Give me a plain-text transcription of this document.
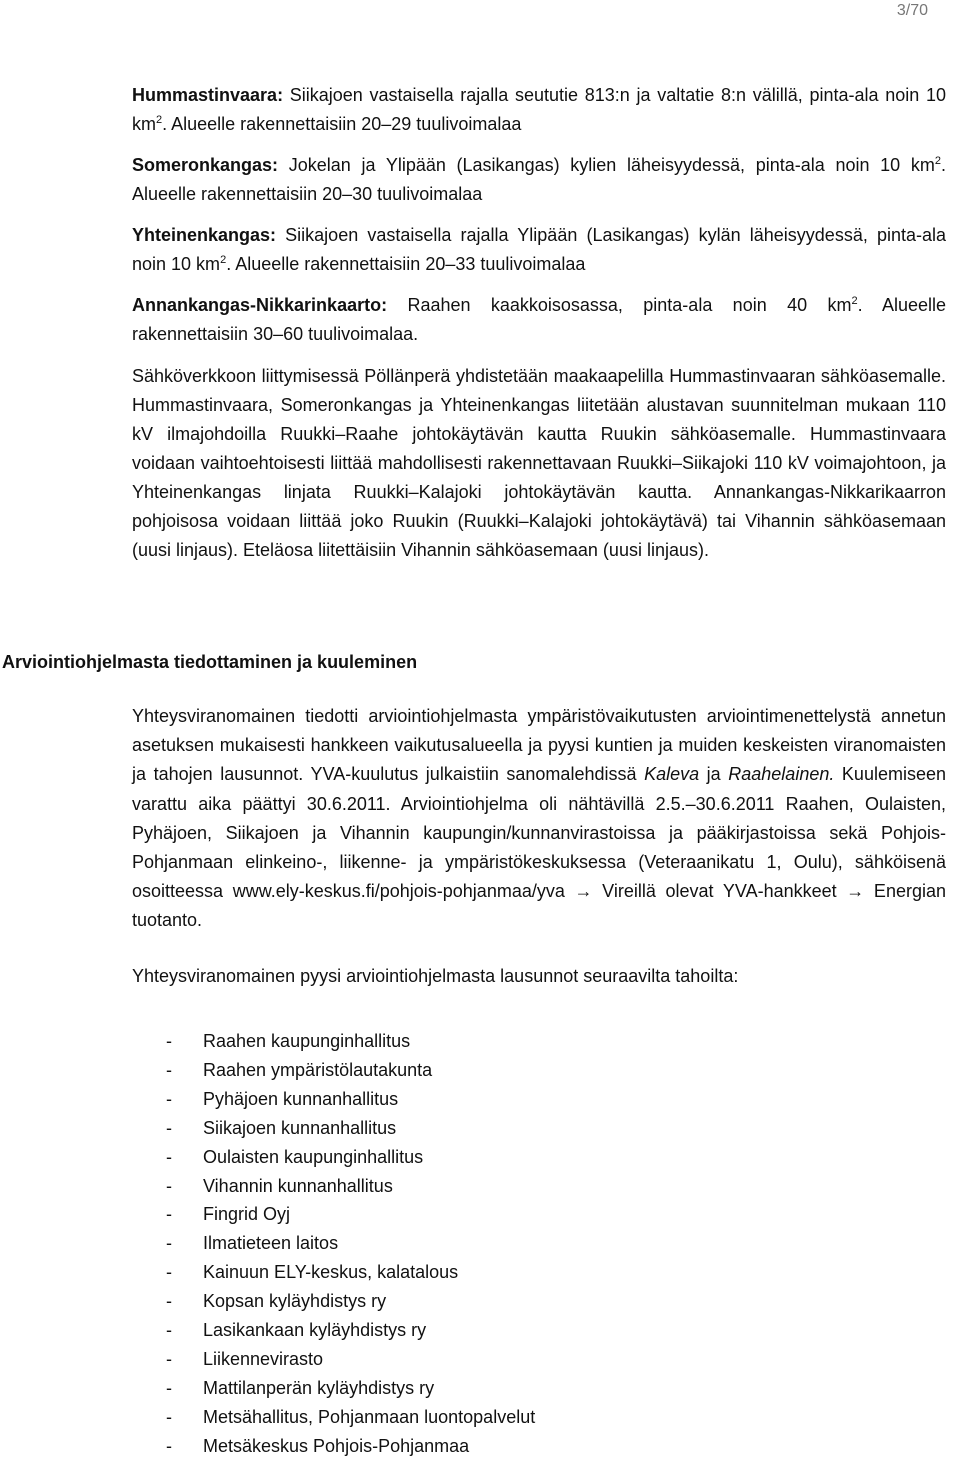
3/70

Hummastinvaara: Siikajoen vastaisella rajalla seututie 813:n ja valtatie 8:n välillä, pinta-ala noin 10 $km^2$. Alueelle rakennettaisiin 20–29 tuulivoimalaa

Someronkangas: Jokelan ja Ylipään (Lasikangas) kylien läheisyydessä, pinta-ala noin 10 $km^2$. Alueelle rakennettaisiin 20–30 tuulivoimalaa

Yhteinenkangas: Siikajoen vastaisella rajalla Ylipään (Lasikangas) kylän läheisyydessä, pinta-ala noin 10 $km^2$. Alueelle rakennettaisiin 20–33 tuulivoimalaa

Annankangas-Nikkarinkaarto: Raahen kaakkoisosassa, pinta-ala noin 40 $km^2$. Alueelle rakennettaisiin 30–60 tuulivoimalaa.

Sähköverkkoon liittymisessä Pöllänperä yhdistetään maakaapelilla Hummastinvaaran sähköasemalle. Hummastinvaara, Someronkangas ja Yhteinenkangas liitetään alustavan suunnitelman mukaan 110 kV ilmajohdoilla Ruukki–Raahe johtokäytävän kautta Ruukin sähköasemalle. Hummastinvaara voidaan vaihtoehtoisesti liittää mahdollisesti rakennettavaan Ruukki–Siikajoki 110 kV voimajohtoon, ja Yhteinenkangas linjata Ruukki–Kalajoki johtokäytävän kautta. Annankangas-Nikkarikaarron pohjoisosa voidaan liittää joko Ruukin (Ruukki–Kalajoki johtokäytävä) tai Vihannin sähköasemaan (uusi linjaus). Eteläosa liitettäisiin Vihannin sähköasemaan (uusi linjaus).

Arviointiohjelmasta tiedottaminen ja kuuleminen

Yhteysviranomainen tiedotti arviointiohjelmasta ympäristövaikutusten arviointimenettelystä annetun asetuksen mukaisesti hankkeen vaikutusalueella ja pyysi kuntien ja muiden keskeisten viranomaisten ja tahojen lausunnot. YVA-kuulutus julkaistiin sanomalehdissä Kaleva ja Raahelainen. Kuulemiseen varattu aika päättyi 30.6.2011. Arviointiohjelma oli nähtävillä 2.5.–30.6.2011 Raahen, Oulaisten, Pyhäjoen, Siikajoen ja Vihannin kaupungin/kunnanvirastoissa ja pääkirjastoissa sekä Pohjois-Pohjanmaan elinkeino-, liikenne- ja ympäristökeskuksessa (Veteraanikatu 1, Oulu), sähköisenä osoitteessa www.ely-keskus.fi/pohjois-pohjanmaa/yva → Vireillä olevat YVA-hankkeet → Energian tuotanto.

Yhteysviranomainen pyysi arviointiohjelmasta lausunnot seuraavilta tahoilta:

- Raahen kaupunginhallitus
- Raahen ympäristölautakunta
- Pyhäjoen kunnanhallitus
- Siikajoen kunnanhallitus
- Oulaisten kaupunginhallitus
- Vihannin kunnanhallitus
- Fingrid Oyj
- Ilmatieteen laitos
- Kainuun ELY-keskus, kalatalous
- Kopsan kyläyhdistys ry
- Lasikankaan kyläyhdistys ry
- Liikennevirasto
- Mattilanperän kyläyhdistys ry
- Metsähallitus, Pohjanmaan luontopalvelut
- Metsäkeskus Pohjois-Pohjanmaa
